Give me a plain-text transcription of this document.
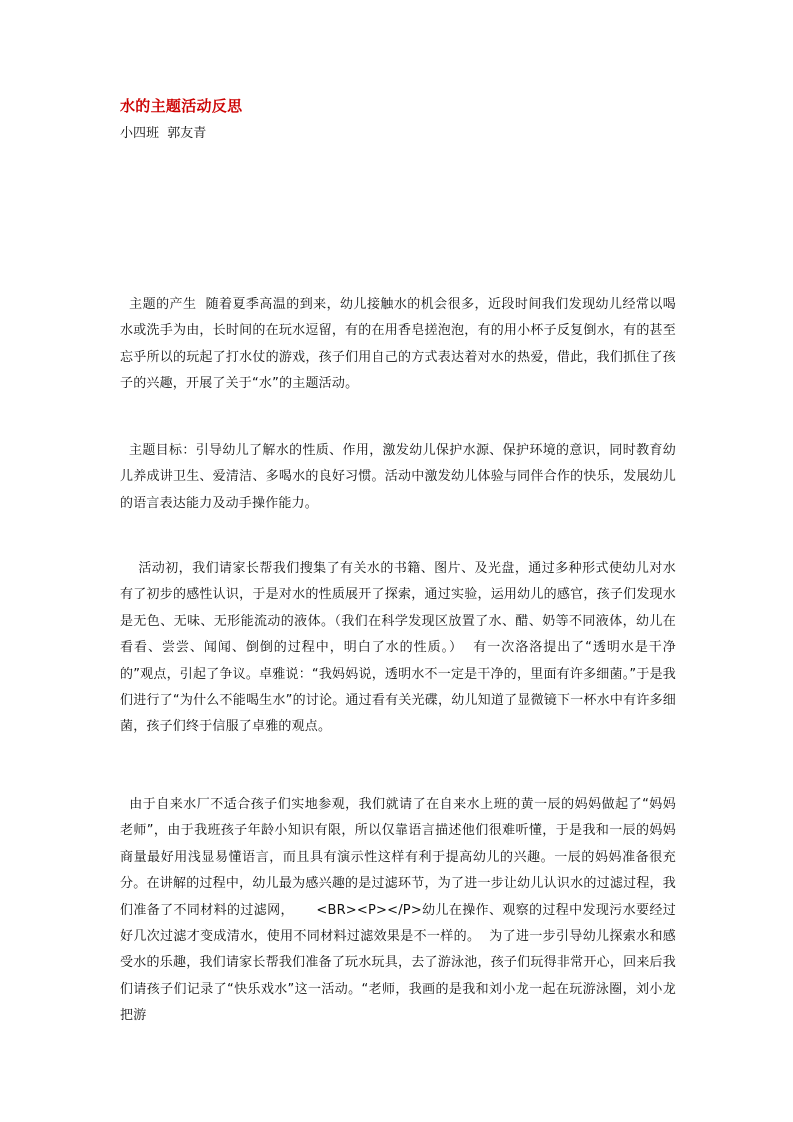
水的主题活动反思
小四班  郭友青

主题的产生  随着夏季高温的到来，幼儿接触水的机会很多，近段时间我们发现幼儿经常以喝水或洗手为由，长时间的在玩水逗留，有的在用香皂搓泡泡，有的用小杯子反复倒水，有的甚至忘乎所以的玩起了打水仗的游戏，孩子们用自己的方式表达着对水的热爱，借此，我们抓住了孩子的兴趣，开展了关于“水”的主题活动。

主题目标：引导幼儿了解水的性质、作用，激发幼儿保护水源、保护环境的意识，同时教育幼儿养成讲卫生、爱清洁、多喝水的良好习惯。活动中激发幼儿体验与同伴合作的快乐，发展幼儿的语言表达能力及动手操作能力。

活动初，我们请家长帮我们搜集了有关水的书籍、图片、及光盘，通过多种形式使幼儿对水有了初步的感性认识，于是对水的性质展开了探索，通过实验，运用幼儿的感官，孩子们发现水是无色、无味、无形能流动的液体。（我们在科学发现区放置了水、醋、奶等不同液体，幼儿在看看、尝尝、闻闻、倒倒的过程中，明白了水的性质。）  有一次洛洛提出了“透明水是干净的”观点，引起了争议。卓雅说：“我妈妈说，透明水不一定是干净的，里面有许多细菌。”于是我们进行了“为什么不能喝生水”的讨论。通过看有关光碟，幼儿知道了显微镜下一杯水中有许多细菌，孩子们终于信服了卓雅的观点。

由于自来水厂不适合孩子们实地参观，我们就请了在自来水上班的黄一辰的妈妈做起了“妈妈老师”，由于我班孩子年龄小知识有限，所以仅靠语言描述他们很难听懂，于是我和一辰的妈妈商量最好用浅显易懂语言，而且具有演示性这样有利于提高幼儿的兴趣。一辰的妈妈准备很充分。在讲解的过程中，幼儿最为感兴趣的是过滤环节，为了进一步让幼儿认识水的过滤过程，我们准备了不同材料的过滤网，     <BR><P></P>幼儿在操作、观察的过程中发现污水要经过好几次过滤才变成清水，使用不同材料过滤效果是不一样的。  为了进一步引导幼儿探索水和感受水的乐趣，我们请家长帮我们准备了玩水玩具，去了游泳池，孩子们玩得非常开心，回来后我们请孩子们记录了“快乐戏水”这一活动。“老师，我画的是我和刘小龙一起在玩游泳圈，刘小龙把游
